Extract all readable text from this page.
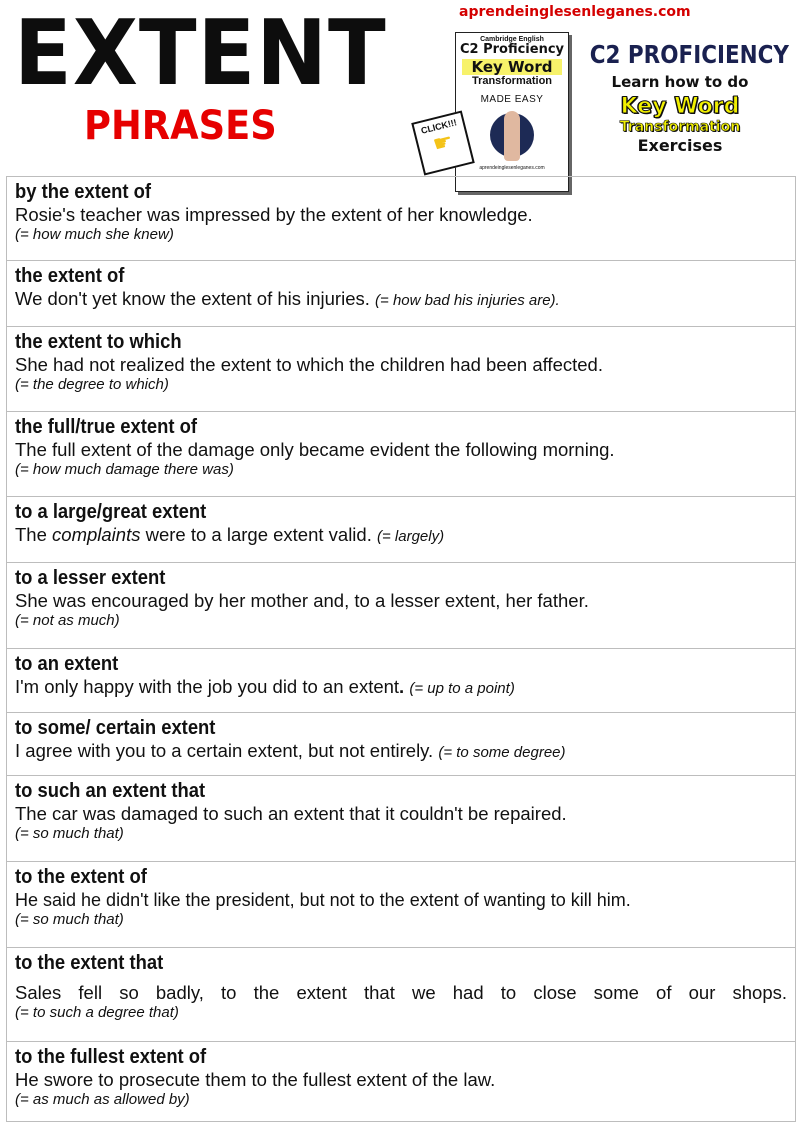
EXTENT
PHRASES
aprendeinglesenleganes.com
Cambridge English
C2 Proficiency
Key Word
Transformation
MADE EASY
aprendeinglesenleganes.com
CLICK!!!
☛
C2 PROFICIENCY
Learn how to do
Key Word
Transformation
Exercises
by the extent of
Rosie's teacher was impressed by the extent of her knowledge.
(= how much she knew)
the extent of
We don't yet know the extent of his injuries. (= how bad his injuries are).
the extent to which
She had not realized the extent to which the children had been affected.
(= the degree to which)
the full/true extent of
The full extent of the damage only became evident the following morning.
(= how much damage there was)
to a large/great extent
The complaints were to a large extent valid. (= largely)
to a lesser extent
She was encouraged by her mother and, to a lesser extent, her father.
(= not as much)
to an extent
I'm only happy with the job you did to an extent. (= up to a point)
to some/ certain extent
I agree with you to a certain extent, but not entirely. (= to some degree)
to such an extent that
The car was damaged to such an extent that it couldn't be repaired.
(= so much that)
to the extent of
He said he didn't like the president, but not to the extent of wanting to kill him.
(= so much that)
to the extent that
Sales fell so badly, to the extent that we had to close some of our shops.
(= to such a degree that)
to the fullest extent of
He swore to prosecute them to the fullest extent of the law.
(= as much as allowed by)
